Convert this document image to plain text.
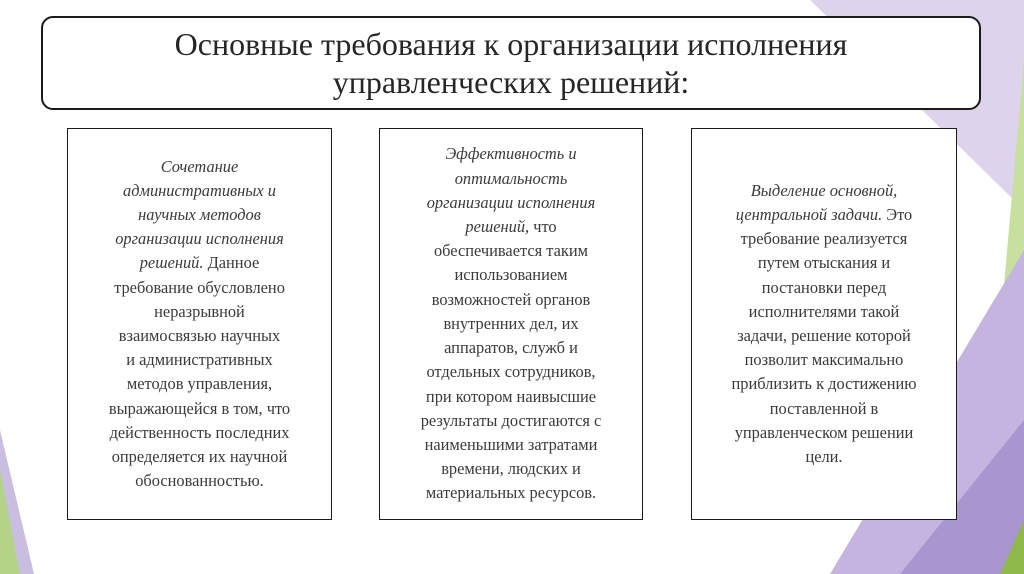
Основные требования к организации исполнения
управленческих решений:
Сочетание
административных и
научных методов
организации исполнения
решений. Данное
требование обусловлено
неразрывной
взаимосвязью научных
и административных
методов управления,
выражающейся в том, что
действенность последних
определяется их научной
обоснованностью.
Эффективность и
оптимальность
организации исполнения
решений, что
обеспечивается таким
использованием
возможностей органов
внутренних дел, их
аппаратов, служб и
отдельных сотрудников,
при котором наивысшие
результаты достигаются с
наименьшими затратами
времени, людских и
материальных ресурсов.
Выделение основной,
центральной задачи. Это
требование реализуется
путем отыскания и
постановки перед
исполнителями такой
задачи, решение которой
позволит максимально
приблизить к достижению
поставленной в
управленческом решении
цели.
